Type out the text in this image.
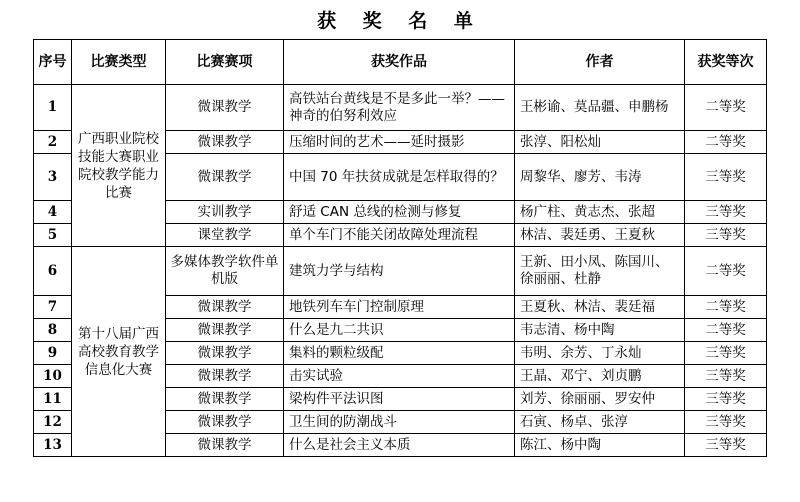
获 奖 名 单
序号	比赛类型	比赛赛项	获奖作品	作者	获奖等次
1	广西职业院校技能大赛职业院校教学能力比赛	微课教学	高铁站台黄线是不是多此一举？——神奇的伯努利效应	王彬谕、莫品疆、申鹏杨	二等奖
2		微课教学	压缩时间的艺术——延时摄影	张淳、阳松灿	二等奖
3		微课教学	中国 70 年扶贫成就是怎样取得的？	周黎华、廖芳、韦涛	三等奖
4		实训教学	舒适 CAN 总线的检测与修复	杨广柱、黄志杰、张超	三等奖
5		课堂教学	单个车门不能关闭故障处理流程	林洁、裴廷勇、王夏秋	三等奖
6	第十八届广西高校教育教学信息化大赛	多媒体教学软件单机版	建筑力学与结构	王新、田小凤、陈国川、徐丽丽、杜静	二等奖
7		微课教学	地铁列车车门控制原理	王夏秋、林洁、裴廷福	二等奖
8		微课教学	什么是九二共识	韦志清、杨中陶	二等奖
9		微课教学	集料的颗粒级配	韦明、余芳、丁永灿	三等奖
10		微课教学	击实试验	王晶、邓宁、刘贞鹏	三等奖
11		微课教学	梁构件平法识图	刘芳、徐丽丽、罗安仲	三等奖
12		微课教学	卫生间的防潮战斗	石寅、杨卓、张淳	三等奖
13		微课教学	什么是社会主义本质	陈江、杨中陶	三等奖
